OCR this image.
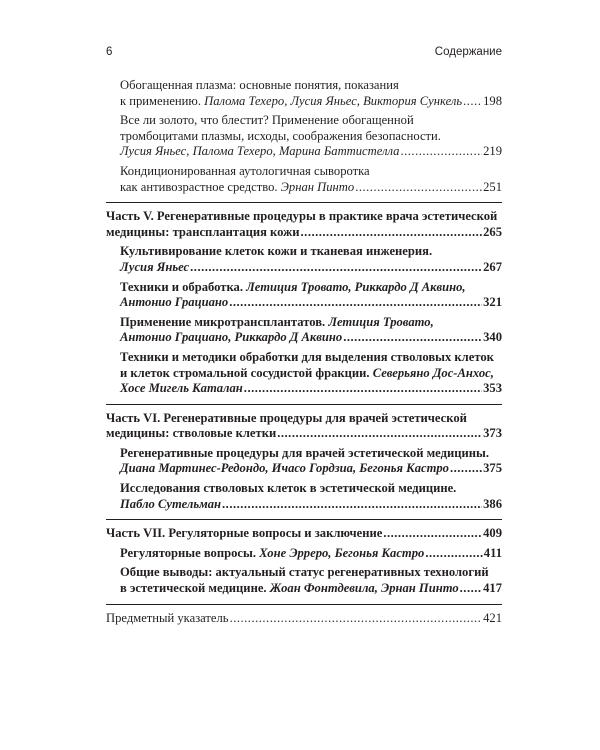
6	Содержание
Обогащенная плазма: основные понятия, показания
к применению. Палома Техеро, Лусия Яньес, Виктория Сункель ..... 198
Все ли золото, что блестит? Применение обогащенной
тромбоцитами плазмы, исходы, соображения безопасности.
Лусия Яньес, Палома Техеро, Марина Баттистелла .....	219
Кондиционированная аутологичная сыворотка
как антивозрастное средство. Эрнан Пинто .....	251
Часть V. Регенеративные процедуры в практике врача эстетической
медицины: трансплантация кожи .....	265
Культивирование клеток кожи и тканевая инженерия.
Лусия Яньес .....	267
Техники и обработка. Летиция Тровато, Риккардо Д Аквино,
Антонио Грациано .....	321
Применение микротрансплантатов. Летиция Тровато,
Антонио Грациано, Риккардо Д Аквино .....	340
Техники и методики обработки для выделения стволовых клеток
и клеток стромальной сосудистой фракции. Северьяно Дос-Анхос,
Хосе Мигель Каталан .....	353
Часть VI. Регенеративные процедуры для врачей эстетической
медицины: стволовые клетки .....	373
Регенеративные процедуры для врачей эстетической медицины.
Диана Мартинес-Редондо, Ичасо Гордзиа, Бегонья Кастро .....	375
Исследования стволовых клеток в эстетической медицине.
Пабло Сутельман .....	386
Часть VII. Регуляторные вопросы и заключение .....	409
Регуляторные вопросы. Хоне Эрреро, Бегонья Кастро .....	411
Общие выводы: актуальный статус регенеративных технологий
в эстетической медицине. Жоан Фонтдевила, Эрнан Пинто ..... 417
Предметный указатель .....	421
